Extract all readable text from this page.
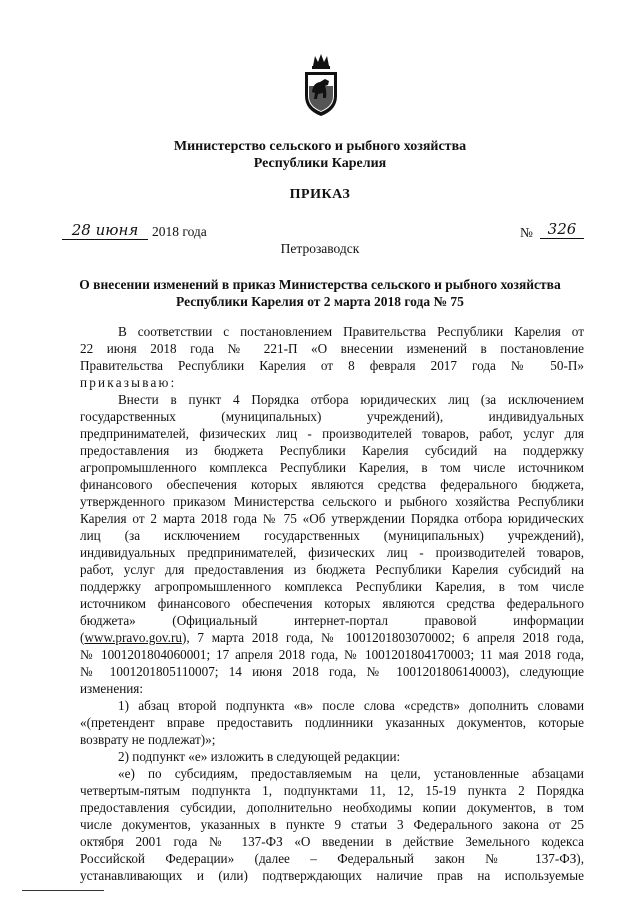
Министерство сельского и рыбного хозяйства
Республики Карелия
ПРИКАЗ
28 июня	2018 года	№ 326
Петрозаводск
О внесении изменений в приказ Министерства сельского и рыбного хозяйства
Республики Карелия от 2 марта 2018 года № 75
В соответствии с постановлением Правительства Республики Карелия от
22 июня 2018 года № 221-П «О внесении изменений в постановление
Правительства Республики Карелия от 8 февраля 2017 года № 50-П»
приказываю:
Внести в пункт 4 Порядка отбора юридических лиц (за исключением
государственных (муниципальных) учреждений), индивидуальных
предпринимателей, физических лиц - производителей товаров, работ, услуг для
предоставления из бюджета Республики Карелия субсидий на поддержку
агропромышленного комплекса Республики Карелия, в том числе источником
финансового обеспечения которых являются средства федерального бюджета,
утвержденного приказом Министерства сельского и рыбного хозяйства Республики
Карелия от 2 марта 2018 года № 75 «Об утверждении Порядка отбора юридических
лиц (за исключением государственных (муниципальных) учреждений),
индивидуальных предпринимателей, физических лиц - производителей товаров,
работ, услуг для предоставления из бюджета Республики Карелия субсидий на
поддержку агропромышленного комплекса Республики Карелия, в том числе
источником финансового обеспечения которых являются средства федерального
бюджета» (Официальный интернет-портал правовой информации
(www.pravo.gov.ru), 7 марта 2018 года, № 1001201803070002; 6 апреля 2018 года,
№ 1001201804060001; 17 апреля 2018 года, № 1001201804170003; 11 мая 2018 года,
№ 1001201805110007; 14 июня 2018 года, № 1001201806140003), следующие
изменения:
1) абзац второй подпункта «в» после слова «средств» дополнить словами
«(претендент вправе предоставить подлинники указанных документов, которые
возврату не подлежат)»;
2) подпункт «е» изложить в следующей редакции:
«е) по субсидиям, предоставляемым на цели, установленные абзацами
четвертым-пятым подпункта 1, подпунктами 11, 12, 15-19 пункта 2 Порядка
предоставления субсидии, дополнительно необходимы копии документов, в том
числе документов, указанных в пункте 9 статьи 3 Федерального закона от 25
октября 2001 года № 137-ФЗ «О введении в действие Земельного кодекса
Российской Федерации» (далее – Федеральный закон № 137-ФЗ),
устанавливающих и (или) подтверждающих наличие прав на используемые
